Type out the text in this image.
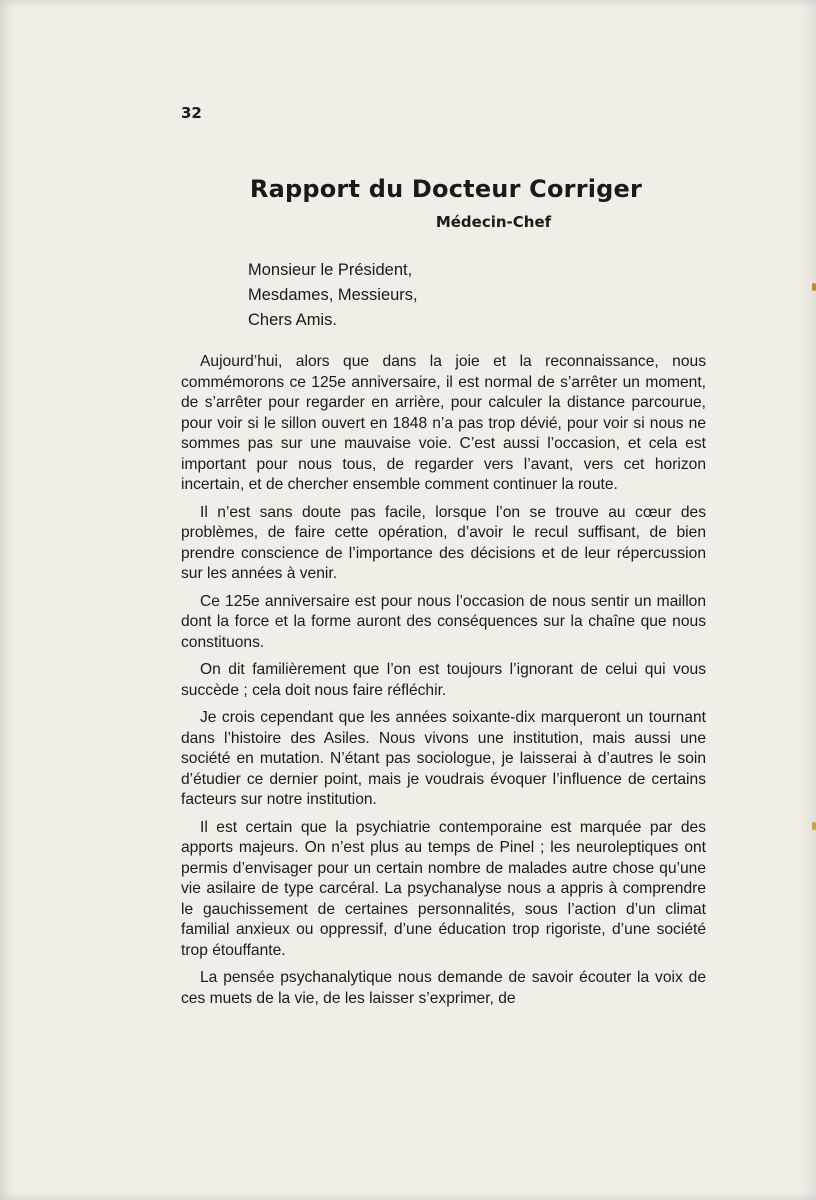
32
Rapport du Docteur Corriger
Médecin-Chef
Monsieur le Président,
Mesdames, Messieurs,
Chers Amis.

Aujourd’hui, alors que dans la joie et la reconnaissance, nous commémorons ce 125e anniversaire, il est normal de s’arrêter un moment, de s’arrêter pour regarder en arrière, pour calculer la distance parcourue, pour voir si le sillon ouvert en 1848 n’a pas trop dévié, pour voir si nous ne sommes pas sur une mauvaise voie. C’est aussi l’occasion, et cela est important pour nous tous, de regarder vers l’avant, vers cet horizon incertain, et de chercher ensemble comment continuer la route.

Il n’est sans doute pas facile, lorsque l’on se trouve au cœur des problèmes, de faire cette opération, d’avoir le recul suffisant, de bien prendre conscience de l’importance des décisions et de leur répercussion sur les années à venir.

Ce 125e anniversaire est pour nous l’occasion de nous sentir un maillon dont la force et la forme auront des conséquences sur la chaîne que nous constituons.

On dit familièrement que l’on est toujours l’ignorant de celui qui vous succède ; cela doit nous faire réfléchir.

Je crois cependant que les années soixante-dix marqueront un tournant dans l’histoire des Asiles. Nous vivons une institution, mais aussi une société en mutation. N’étant pas sociologue, je laisserai à d’autres le soin d’étudier ce dernier point, mais je voudrais évoquer l’influence de certains facteurs sur notre institution.

Il est certain que la psychiatrie contemporaine est marquée par des apports majeurs. On n’est plus au temps de Pinel ; les neuroleptiques ont permis d’envisager pour un certain nombre de malades autre chose qu’une vie asilaire de type carcéral. La psychanalyse nous a appris à comprendre le gauchissement de certaines personnalités, sous l’action d’un climat familial anxieux ou oppressif, d’une éducation trop rigoriste, d’une société trop étouffante.

La pensée psychanalytique nous demande de savoir écouter la voix de ces muets de la vie, de les laisser s’exprimer, de
